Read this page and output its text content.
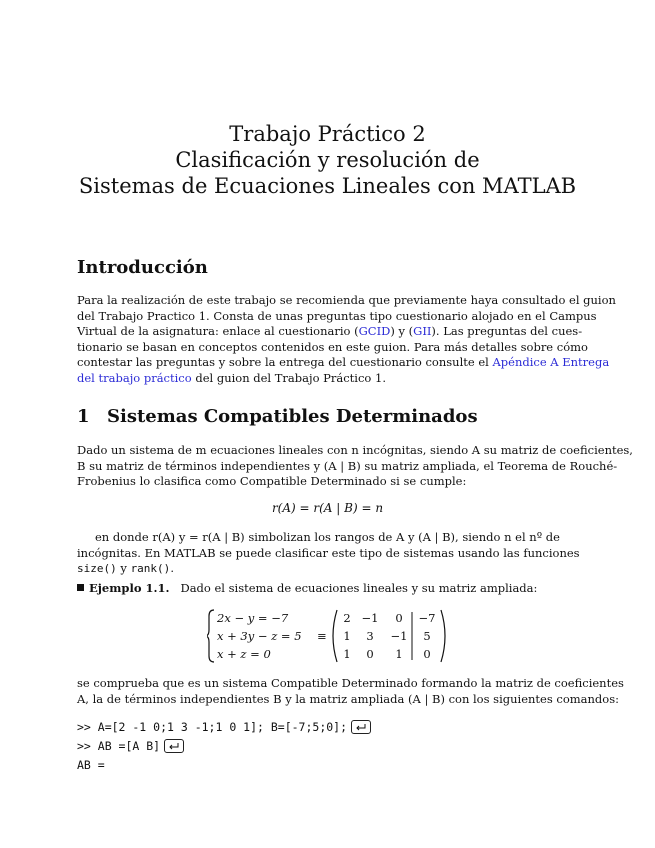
Trabajo Práctico 2
Clasificación y resolución de
Sistemas de Ecuaciones Lineales con MATLAB
Introducción
Para la realización de este trabajo se recomienda que previamente haya consultado el guion
del Trabajo Practico 1. Consta de unas preguntas tipo cuestionario alojado en el Campus
Virtual de la asignatura: enlace al cuestionario (GCID) y (GII). Las preguntas del cues-
tionario se basan en conceptos contenidos en este guion. Para más detalles sobre cómo
contestar las preguntas y sobre la entrega del cuestionario consulte el Apéndice A Entrega
del trabajo práctico del guion del Trabajo Práctico 1.
1 Sistemas Compatibles Determinados
Dado un sistema de m ecuaciones lineales con n incógnitas, siendo A su matriz de coeficientes,
B su matriz de términos independientes y (A | B) su matriz ampliada, el Teorema de Rouché-
Frobenius lo clasifica como Compatible Determinado si se cumple:
r(A) = r(A | B) = n
en donde r(A) y = r(A | B) simbolizan los rangos de A y (A | B), siendo n el nº de
incógnitas. En MATLAB se puede clasificar este tipo de sistemas usando las funciones
size() y rank().
Ejemplo 1.1. Dado el sistema de ecuaciones lineales y su matriz ampliada:
2x − y = −7
x + 3y − z = 5
x + z = 0
≡
2 −1 0 −7
1 3 −1 5
1 0 1 0
se comprueba que es un sistema Compatible Determinado formando la matriz de coeficientes
A, la de términos independientes B y la matriz ampliada (A | B) con los siguientes comandos:
>> A=[2 -1 0;1 3 -1;1 0 1]; B=[-7;5;0];
>> AB =[A B]
AB =
